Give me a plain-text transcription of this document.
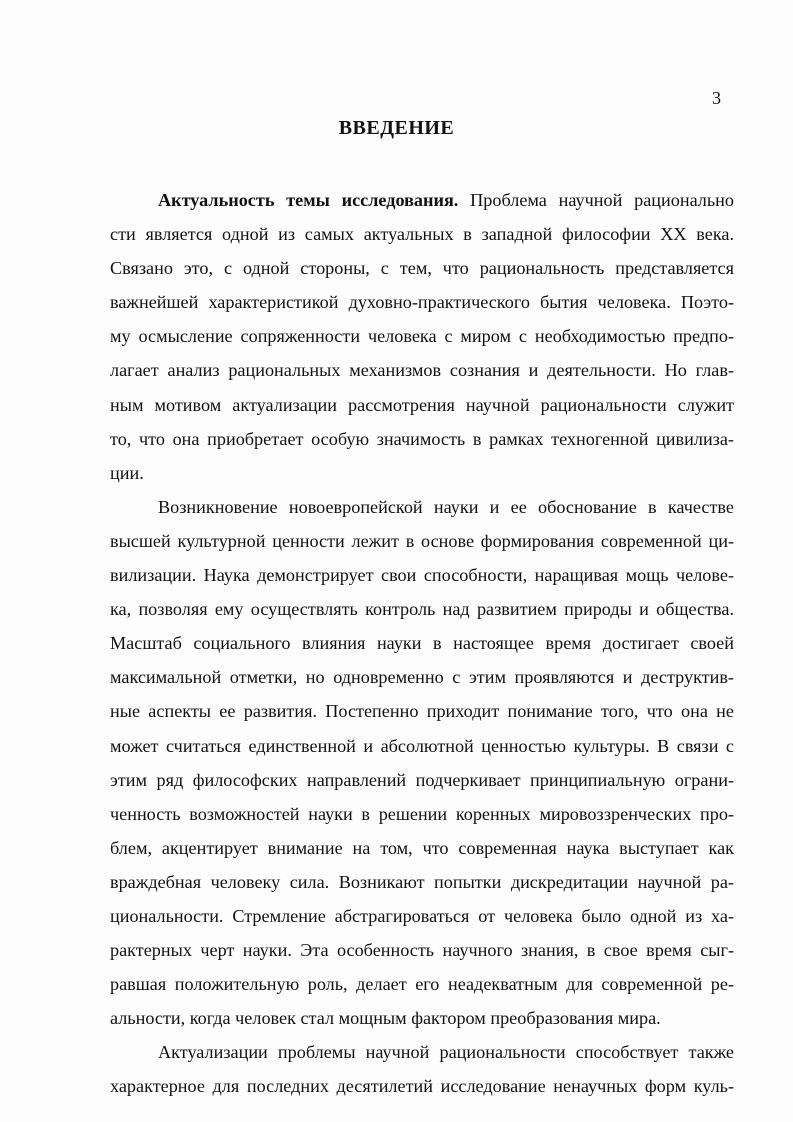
3
ВВЕДЕНИЕ
Актуальность темы исследования. Проблема научной рационально
сти является одной из самых актуальных в западной философии XX века.
Связано это, с одной стороны, с тем, что рациональность представляется
важнейшей характеристикой духовно-практического бытия человека. Поэто-
му осмысление сопряженности человека с миром с необходимостью предпо-
лагает анализ рациональных механизмов сознания и деятельности. Но глав-
ным мотивом актуализации рассмотрения научной рациональности служит
то, что она приобретает особую значимость в рамках техногенной цивилиза-
ции.
Возникновение новоевропейской науки и ее обоснование в качестве
высшей культурной ценности лежит в основе формирования современной ци-
вилизации. Наука демонстрирует свои способности, наращивая мощь челове-
ка, позволяя ему осуществлять контроль над развитием природы и общества.
Масштаб социального влияния науки в настоящее время достигает своей
максимальной отметки, но одновременно с этим проявляются и деструктив-
ные аспекты ее развития. Постепенно приходит понимание того, что она не
может считаться единственной и абсолютной ценностью культуры. В связи с
этим ряд философских направлений подчеркивает принципиальную ограни-
ченность возможностей науки в решении коренных мировоззренческих про-
блем, акцентирует внимание на том, что современная наука выступает как
враждебная человеку сила. Возникают попытки дискредитации научной ра-
циональности. Стремление абстрагироваться от человека было одной из ха-
рактерных черт науки. Эта особенность научного знания, в свое время сыг-
равшая положительную роль, делает его неадекватным для современной ре-
альности, когда человек стал мощным фактором преобразования мира.
Актуализации проблемы научной рациональности способствует также
характерное для последних десятилетий исследование ненаучных форм куль-
